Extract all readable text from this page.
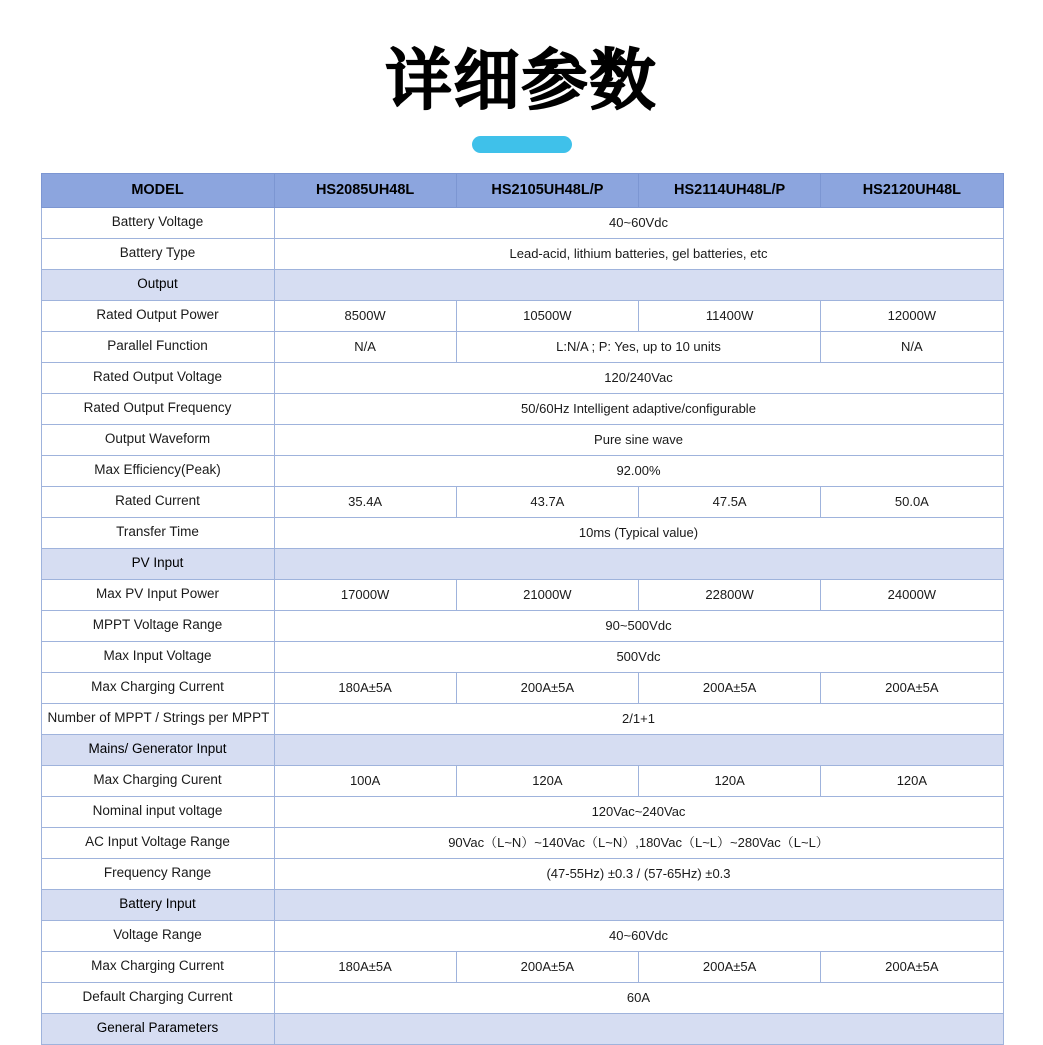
详细参数
MODEL	HS2085UH48L	HS2105UH48L/P	HS2114UH48L/P	HS2120UH48L
Battery Voltage	40~60Vdc			
Battery Type	Lead-acid, lithium batteries, gel batteries, etc			
Output				
Rated Output Power	8500W	10500W	11400W	12000W
Parallel Function	N/A	L:N/A ; P: Yes, up to 10 units		N/A
Rated Output Voltage	120/240Vac			
Rated Output Frequency	50/60Hz Intelligent adaptive/configurable			
Output Waveform	Pure sine wave			
Max Efficiency(Peak)	92.00%			
Rated Current	35.4A	43.7A	47.5A	50.0A
Transfer Time	10ms (Typical value)			
PV Input				
Max PV Input Power	17000W	21000W	22800W	24000W
MPPT Voltage Range	90~500Vdc			
Max Input Voltage	500Vdc			
Max Charging Current	180A±5A	200A±5A	200A±5A	200A±5A
Number of MPPT / Strings per MPPT	2/1+1			
Mains/ Generator Input				
Max Charging Curent	100A	120A	120A	120A
Nominal input voltage	120Vac~240Vac			
AC Input Voltage Range	90Vac（L~N）~140Vac（L~N）,180Vac（L~L）~280Vac（L~L）			
Frequency Range	(47-55Hz) ±0.3 / (57-65Hz) ±0.3			
Battery Input				
Voltage Range	40~60Vdc			
Max Charging Current	180A±5A	200A±5A	200A±5A	200A±5A
Default Charging Current	60A			
General Parameters				
